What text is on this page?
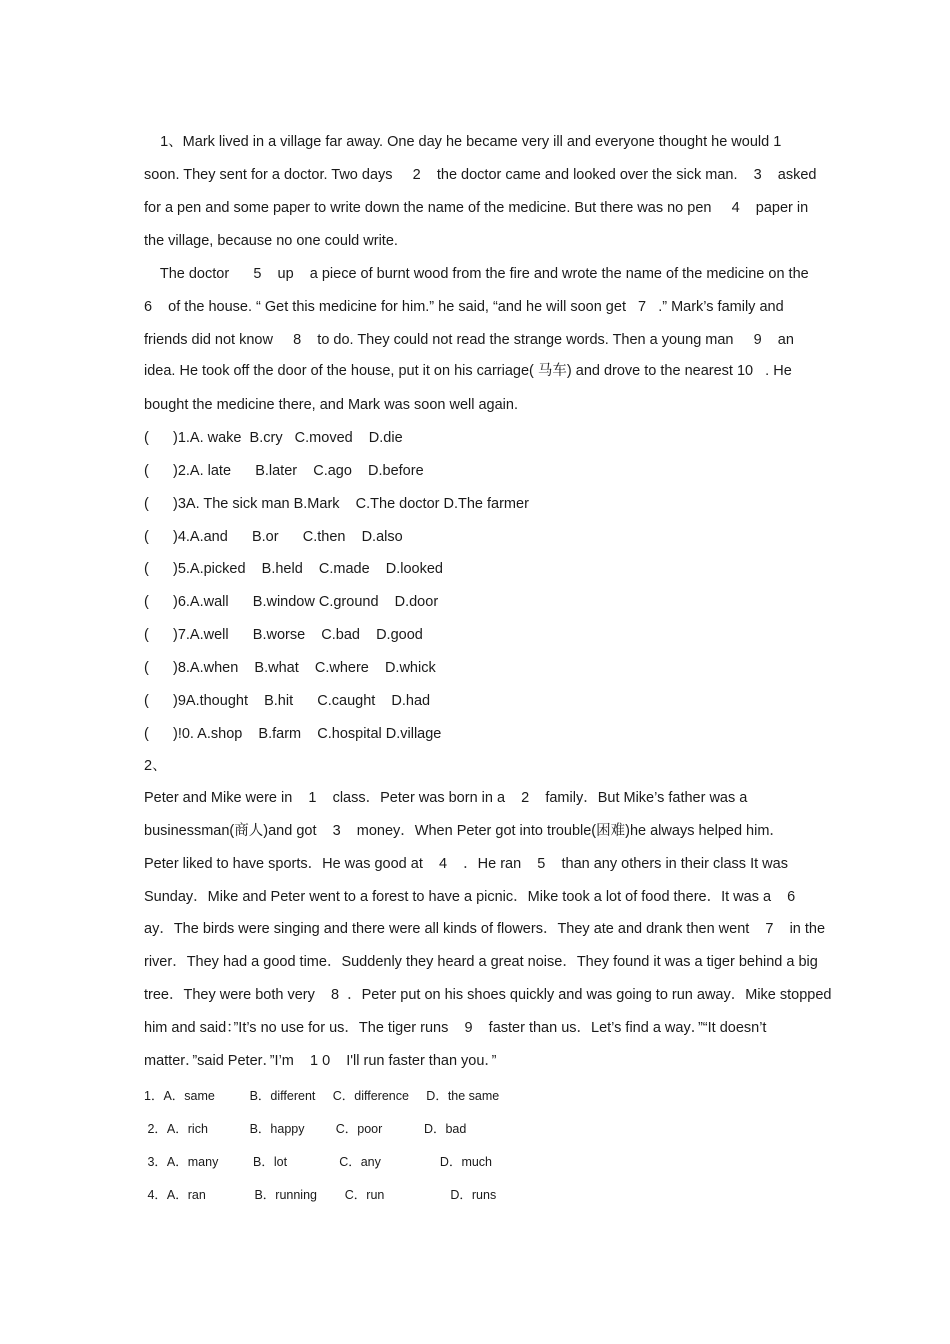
1、Mark lived in a village far away. One day he became very ill and everyone thought he would 1
soon. They sent for a doctor. Two days     2    the doctor came and looked over the sick man.    3    asked
for a pen and some paper to write down the name of the medicine. But there was no pen     4    paper in
the village, because no one could write.
The doctor      5    up    a piece of burnt wood from the fire and wrote the name of the medicine on the
6    of the house. “ Get this medicine for him.” he said, “and he will soon get   7   .” Mark’s family and
friends did not know     8    to do. They could not read the strange words. Then a young man     9    an
idea. He took off the door of the house, put it on his carriage( 马车) and drove to the nearest 10   . He
bought the medicine there, and Mark was soon well again.
(      )1.A. wake  B.cry   C.moved    D.die
(      )2.A. late      B.later    C.ago    D.before
(      )3A. The sick man B.Mark    C.The doctor D.The farmer
(      )4.A.and      B.or      C.then    D.also
(      )5.A.picked    B.held    C.made    D.looked
(      )6.A.wall      B.window C.ground    D.door
(      )7.A.well      B.worse    C.bad    D.good
(      )8.A.when    B.what    C.where    D.whick
(      )9A.thought    B.hit      C.caught    D.had
(      )!0. A.shop    B.farm    C.hospital D.village
2、
Peter and Mike were in    1    class．Peter was born in a    2    family．But Mike’s father was a
businessman(商人)and got    3    money．When Peter got into trouble(困难)he always helped him．
Peter liked to have sports．He was good at    4    ．He ran    5    than any others in their class It was
Sunday．Mike and Peter went to a forest to have a picnic．Mike took a lot of food there．It was a    6
ay．The birds were singing and there were all kinds of flowers．They ate and drank then went    7    in the
river．They had a good time．Suddenly they heard a great noise．They found it was a tiger behind a big
tree．They were both very    8  ．Peter put on his shoes quickly and was going to run away．Mike stopped
him and said：”It’s no use for us．The tiger runs    9    faster than us．Let’s find a way．”“It doesn’t
matter．”said Peter．”I’m    1 0    I'll run faster than you．”
1．A．same          B．different     C．difference     D．the same
2．A．rich            B．happy         C．poor            D．bad
3．A．many          B．lot               C．any                 D．much
4．A．ran              B．running        C．run                   D．runs
